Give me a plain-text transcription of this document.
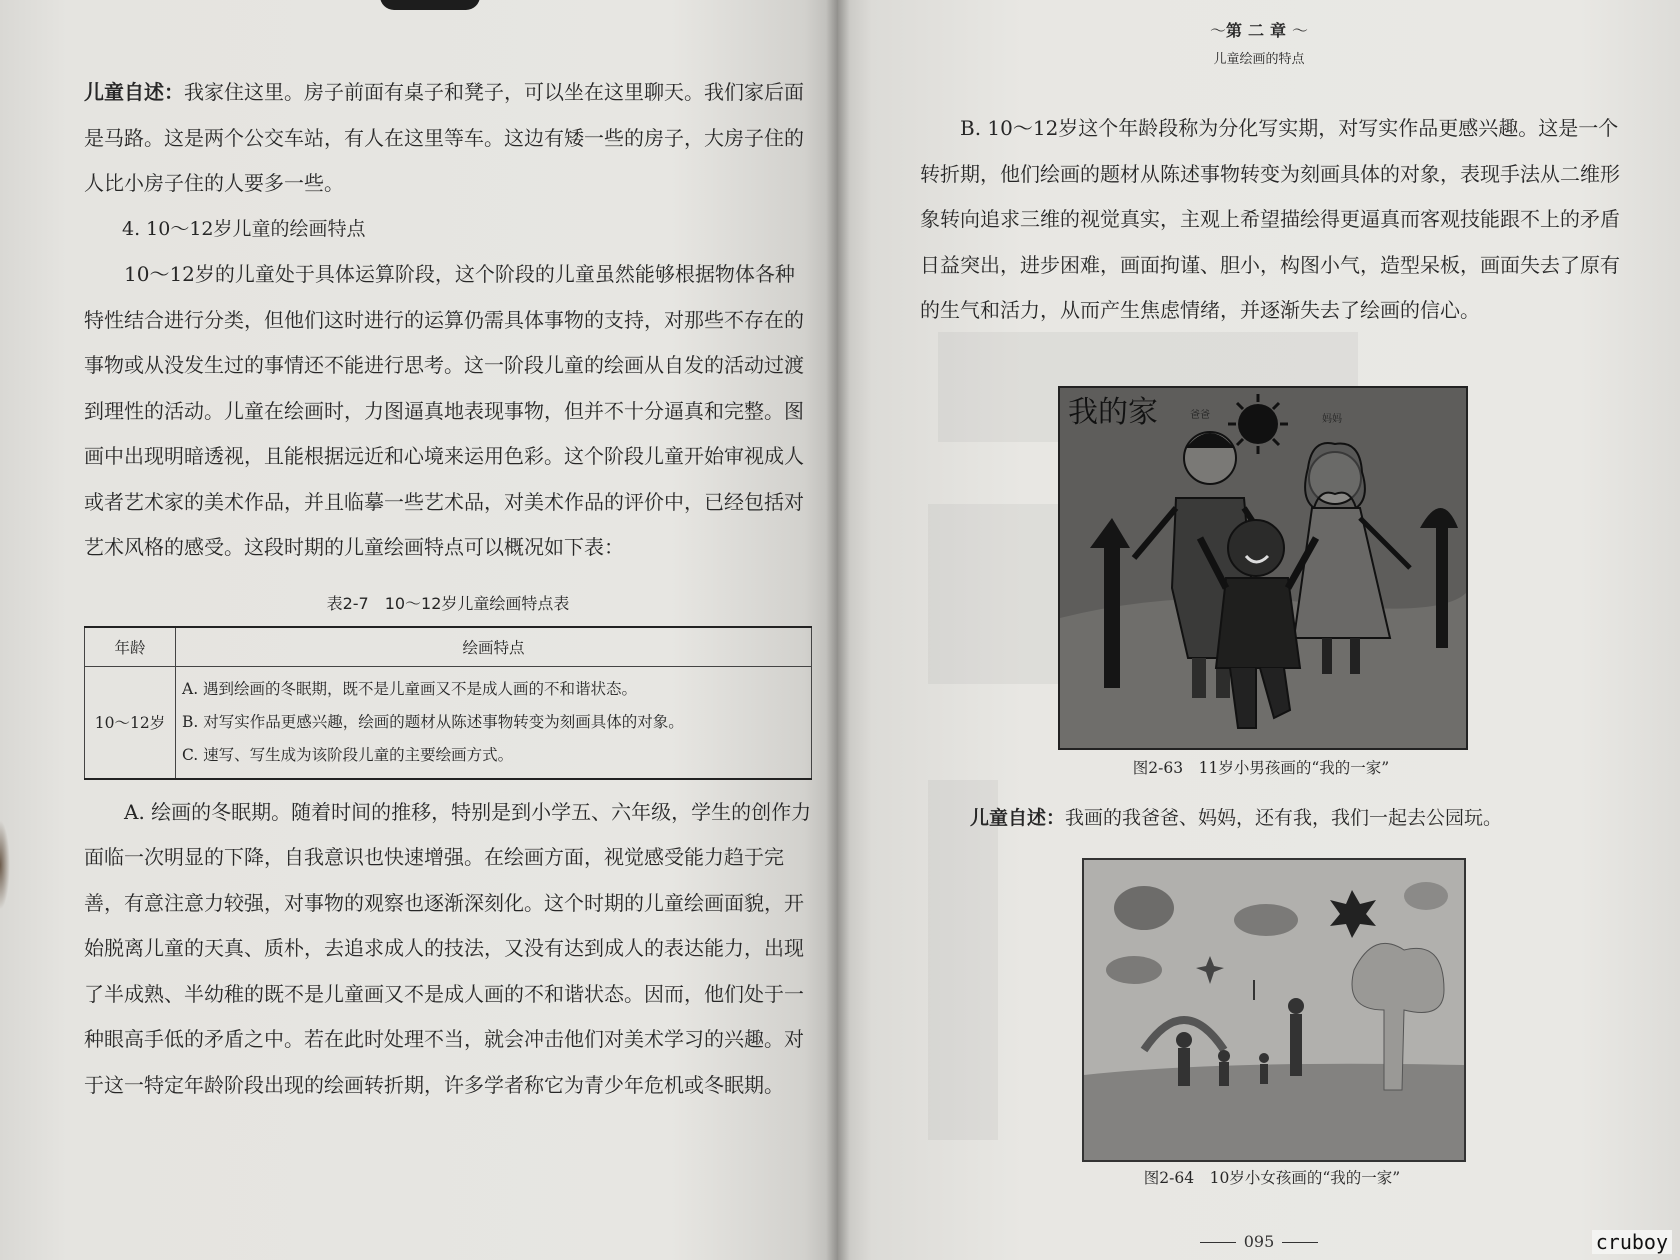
儿童自述：我家住这里。房子前面有桌子和凳子，可以坐在这里聊天。我们家后面是马路。这是两个公交车站，有人在这里等车。这边有矮一些的房子，大房子住的人比小房子住的人要多一些。

4. 10～12岁儿童的绘画特点

10～12岁的儿童处于具体运算阶段，这个阶段的儿童虽然能够根据物体各种特性结合进行分类，但他们这时进行的运算仍需具体事物的支持，对那些不存在的事物或从没发生过的事情还不能进行思考。这一阶段儿童的绘画从自发的活动过渡到理性的活动。儿童在绘画时，力图逼真地表现事物，但并不十分逼真和完整。图画中出现明暗透视，且能根据远近和心境来运用色彩。这个阶段儿童开始审视成人或者艺术家的美术作品，并且临摹一些艺术品，对美术作品的评价中，已经包括对艺术风格的感受。这段时期的儿童绘画特点可以概况如下表：

表2-7　10～12岁儿童绘画特点表
年龄	绘画特点
10～12岁	A. 遇到绘画的冬眠期，既不是儿童画又不是成人画的不和谐状态。
B. 对写实作品更感兴趣，绘画的题材从陈述事物转变为刻画具体的对象。
C. 速写、写生成为该阶段儿童的主要绘画方式。

A. 绘画的冬眠期。随着时间的推移，特别是到小学五、六年级，学生的创作力面临一次明显的下降，自我意识也快速增强。在绘画方面，视觉感受能力趋于完善，有意注意力较强，对事物的观察也逐渐深刻化。这个时期的儿童绘画面貌，开始脱离儿童的天真、质朴，去追求成人的技法，又没有达到成人的表达能力，出现了半成熟、半幼稚的既不是儿童画又不是成人画的不和谐状态。因而，他们处于一种眼高手低的矛盾之中。若在此时处理不当，就会冲击他们对美术学习的兴趣。对于这一特定年龄阶段出现的绘画转折期，许多学者称它为青少年危机或冬眠期。

〜第二章〜
儿童绘画的特点

B. 10～12岁这个年龄段称为分化写实期，对写实作品更感兴趣。这是一个转折期，他们绘画的题材从陈述事物转变为刻画具体的对象，表现手法从二维形象转向追求三维的视觉真实，主观上希望描绘得更逼真而客观技能跟不上的矛盾日益突出，进步困难，画面拘谨、胆小，构图小气，造型呆板，画面失去了原有的生气和活力，从而产生焦虑情绪，并逐渐失去了绘画的信心。

我的家	爸爸	妈妈
图2-63　11岁小男孩画的“我的一家”

儿童自述：我画的我爸爸、妈妈，还有我，我们一起去公园玩。

图2-64　10岁小女孩画的“我的一家”
095	cruboy
